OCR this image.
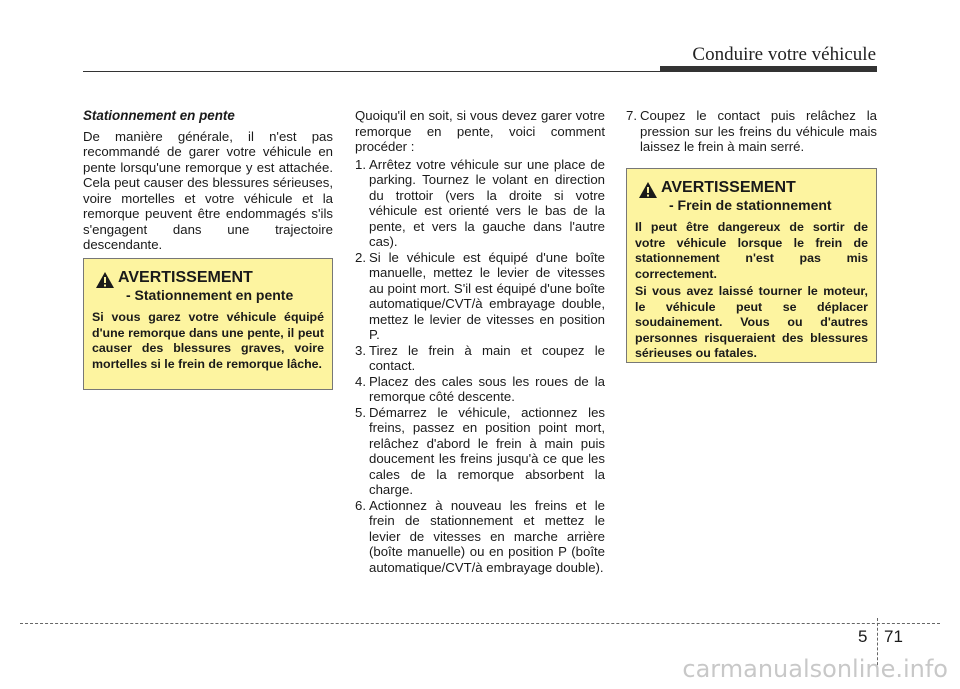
Conduire votre véhicule

Stationnement en pente

De manière générale, il n'est pas recommandé de garer votre véhicule en pente lorsqu'une remorque y est attachée. Cela peut causer des blessures sérieuses, voire mortelles et votre véhicule et la remorque peuvent être endommagés s'ils s'engagent dans une trajectoire descendante.

AVERTISSEMENT
- Stationnement en pente

Si vous garez votre véhicule équipé d'une remorque dans une pente, il peut causer des blessures graves, voire mortelles si le frein de remorque lâche.

Quoiqu'il en soit, si vous devez garer votre remorque en pente, voici comment procéder :

1. Arrêtez votre véhicule sur une place de parking. Tournez le volant en direction du trottoir (vers la droite si votre véhicule est orienté vers le bas de la pente, et vers la gauche dans l'autre cas).
2. Si le véhicule est équipé d'une boîte manuelle, mettez le levier de vitesses au point mort. S'il est équipé d'une boîte automatique/CVT/à embrayage double, mettez le levier de vitesses en position P.
3. Tirez le frein à main et coupez le contact.
4. Placez des cales sous les roues de la remorque côté descente.
5. Démarrez le véhicule, actionnez les freins, passez en position point mort, relâchez d'abord le frein à main puis doucement les freins jusqu'à ce que les cales de la remorque absorbent la charge.
6. Actionnez à nouveau les freins et le frein de stationnement et mettez le levier de vitesses en marche arrière (boîte manuelle) ou en position P (boîte automatique/CVT/à embrayage double).
7. Coupez le contact puis relâchez la pression sur les freins du véhicule mais laissez le frein à main serré.
AVERTISSEMENT
- Frein de stationnement

Il peut être dangereux de sortir de votre véhicule lorsque le frein de stationnement n'est pas mis correctement.

Si vous avez laissé tourner le moteur, le véhicule peut se déplacer soudainement. Vous ou d'autres personnes risqueraient des blessures sérieuses ou fatales.

5 71
carmanualsonline.info
